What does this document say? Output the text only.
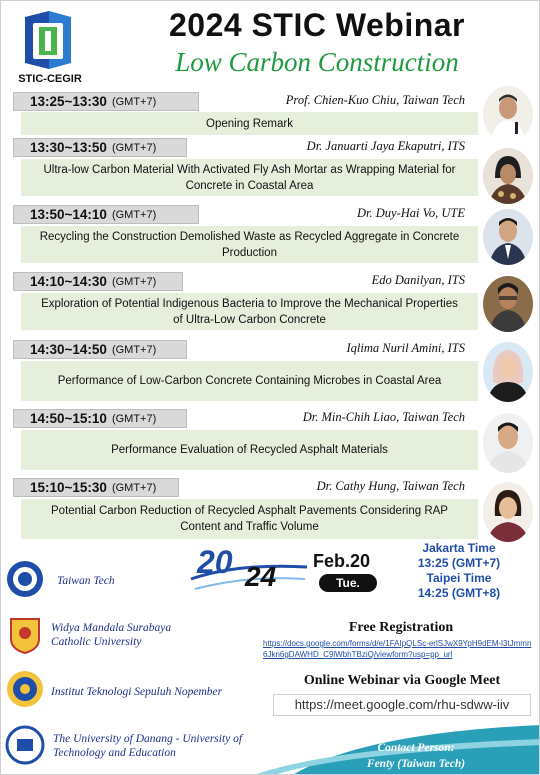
STIC-CEGIR
2024 STIC Webinar
Low Carbon Construction
13:25~13:30 (GMT+7)	Prof. Chien-Kuo Chiu, Taiwan Tech
Opening Remark
13:30~13:50 (GMT+7)	Dr. Januarti Jaya Ekaputri, ITS
Ultra-low Carbon Material With Activated Fly Ash Mortar as Wrapping Material for Concrete in Coastal Area
13:50~14:10 (GMT+7)	Dr. Duy-Hai Vo, UTE
Recycling the Construction Demolished Waste as Recycled Aggregate in Concrete Production
14:10~14:30 (GMT+7)	Edo Danilyan, ITS
Exploration of Potential Indigenous Bacteria to Improve the Mechanical Properties of Ultra-Low Carbon Concrete
14:30~14:50 (GMT+7)	Iqlima Nuril Amini, ITS
Performance of Low-Carbon Concrete Containing Microbes in Coastal Area
14:50~15:10 (GMT+7)	Dr. Min-Chih Liao, Taiwan Tech
Performance Evaluation of Recycled Asphalt Materials
15:10~15:30 (GMT+7)	Dr. Cathy Hung, Taiwan Tech
Potential Carbon Reduction of Recycled Asphalt Pavements Considering RAP Content and Traffic Volume
Taiwan Tech
Widya Mandala Surabaya Catholic University
Institut Teknologi Sepuluh Nopember
The University of Danang - University of Technology and Education
20 24 Feb.20
Tue.
Jakarta Time
13:25 (GMT+7)
Taipei Time
14:25 (GMT+8)
Free Registration
https://docs.google.com/forms/d/e/1FAIpQLSc-erlSJwX9YpH9dEM-l3tJmmn6Jkn6gDAWHD_C9lWbhTBziQ/viewform?usp=pp_url
Online Webinar via Google Meet
https://meet.google.com/rhu-sdww-iiv
Contact Person:
Fenty (Taiwan Tech)
